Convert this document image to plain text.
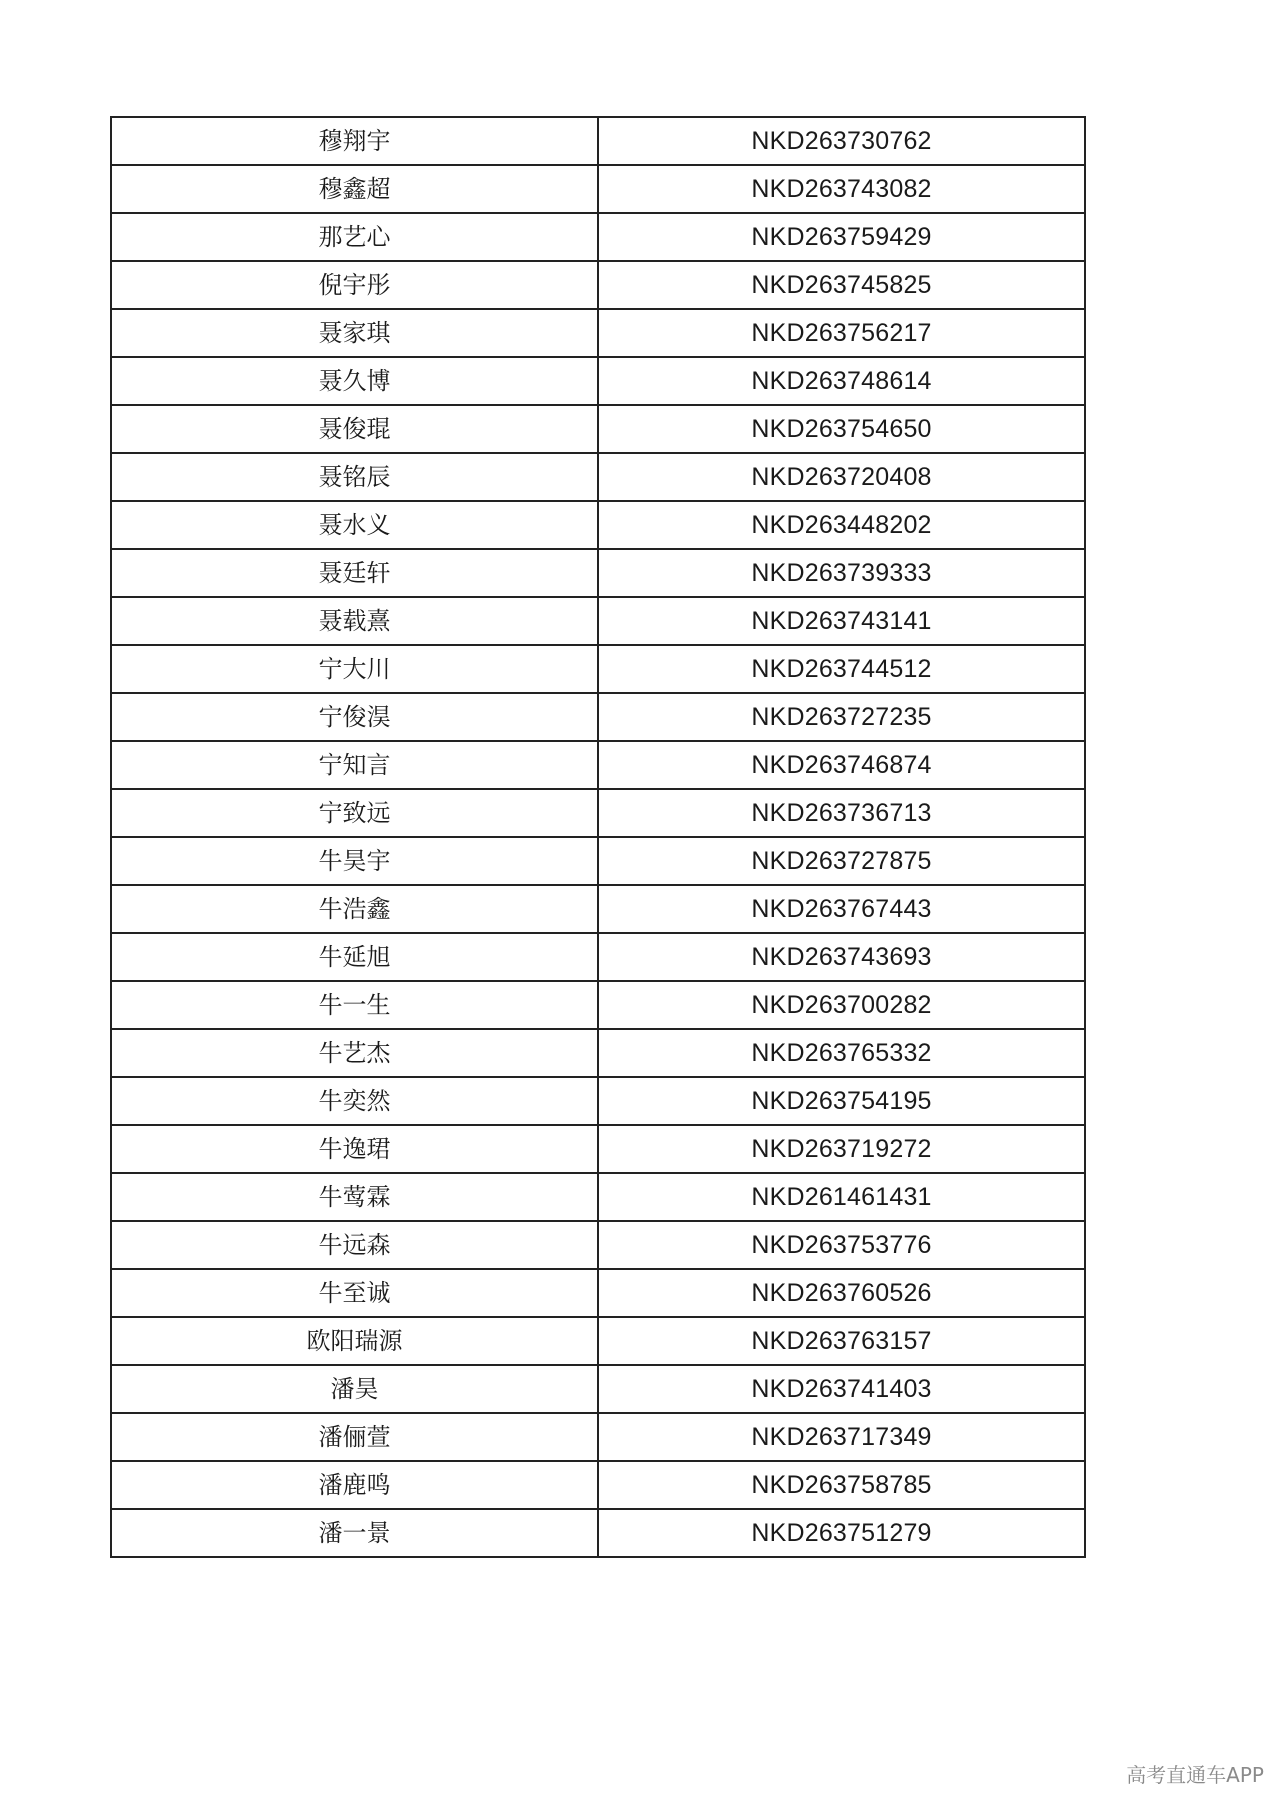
穆翔宇	NKD263730762
穆鑫超	NKD263743082
那艺心	NKD263759429
倪宇彤	NKD263745825
聂家琪	NKD263756217
聂久博	NKD263748614
聂俊琨	NKD263754650
聂铭辰	NKD263720408
聂水义	NKD263448202
聂廷轩	NKD263739333
聂载熹	NKD263743141
宁大川	NKD263744512
宁俊淏	NKD263727235
宁知言	NKD263746874
宁致远	NKD263736713
牛昊宇	NKD263727875
牛浩鑫	NKD263767443
牛延旭	NKD263743693
牛一生	NKD263700282
牛艺杰	NKD263765332
牛奕然	NKD263754195
牛逸珺	NKD263719272
牛莺霖	NKD261461431
牛远森	NKD263753776
牛至诚	NKD263760526
欧阳瑞源	NKD263763157
潘昊	NKD263741403
潘俪萱	NKD263717349
潘鹿鸣	NKD263758785
潘一景	NKD263751279
高考直通车APP
